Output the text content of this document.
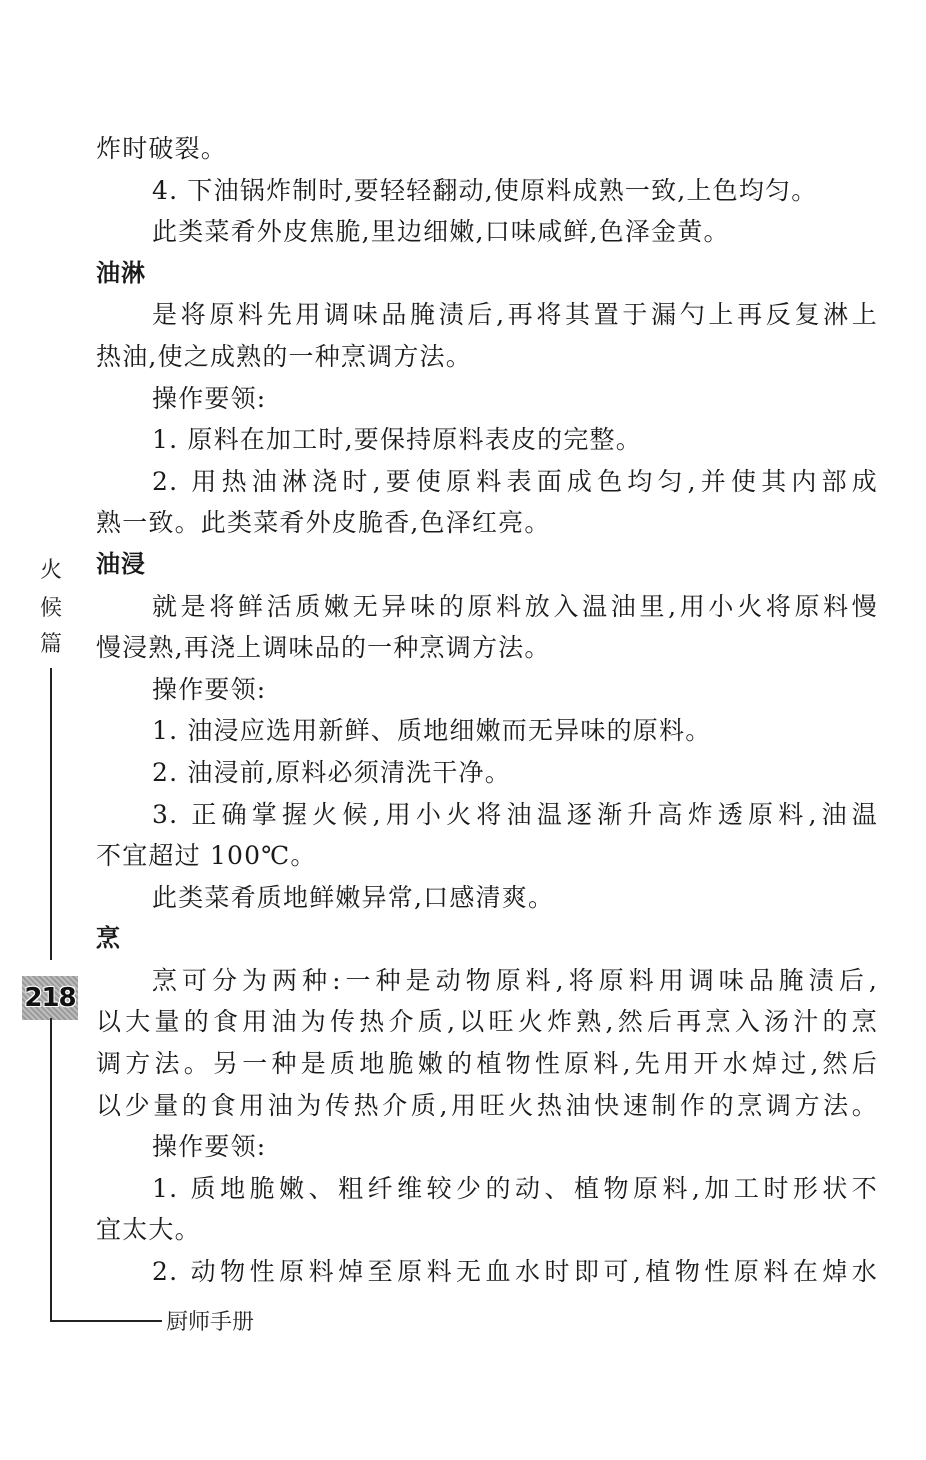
火
候
篇
218
厨师手册

炸时破裂。

4. 下油锅炸制时,要轻轻翻动,使原料成熟一致,上色均匀。

此类菜肴外皮焦脆,里边细嫩,口味咸鲜,色泽金黄。

油淋

是将原料先用调味品腌渍后,再将其置于漏勺上再反复淋上

热油,使之成熟的一种烹调方法。

操作要领:

1. 原料在加工时,要保持原料表皮的完整。

2. 用热油淋浇时,要使原料表面成色均匀,并使其内部成

熟一致。此类菜肴外皮脆香,色泽红亮。

油浸

就是将鲜活质嫩无异味的原料放入温油里,用小火将原料慢

慢浸熟,再浇上调味品的一种烹调方法。

操作要领:

1. 油浸应选用新鲜、质地细嫩而无异味的原料。

2. 油浸前,原料必须清洗干净。

3. 正确掌握火候,用小火将油温逐渐升高炸透原料,油温

不宜超过 100℃。

此类菜肴质地鲜嫩异常,口感清爽。

烹

烹可分为两种:一种是动物原料,将原料用调味品腌渍后,

以大量的食用油为传热介质,以旺火炸熟,然后再烹入汤汁的烹

调方法。另一种是质地脆嫩的植物性原料,先用开水焯过,然后

以少量的食用油为传热介质,用旺火热油快速制作的烹调方法。

操作要领:

1. 质地脆嫩、粗纤维较少的动、植物原料,加工时形状不

宜太大。

2. 动物性原料焯至原料无血水时即可,植物性原料在焯水
